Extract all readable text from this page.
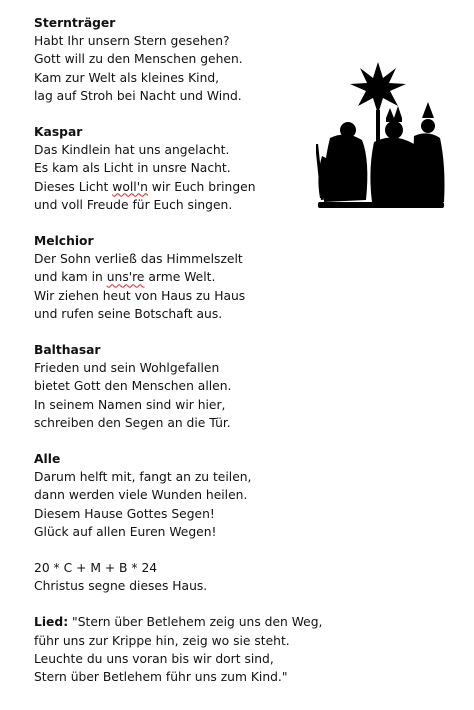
Sternträger
Habt Ihr unsern Stern gesehen?
Gott will zu den Menschen gehen.
Kam zur Welt als kleines Kind,
lag auf Stroh bei Nacht und Wind.
Kaspar
Das Kindlein hat uns angelacht.
Es kam als Licht in unsre Nacht.
Dieses Licht woll'n wir Euch bringen
und voll Freude für Euch singen.
Melchior
Der Sohn verließ das Himmelszelt
und kam in uns're arme Welt.
Wir ziehen heut von Haus zu Haus
und rufen seine Botschaft aus.
Balthasar
Frieden und sein Wohlgefallen
bietet Gott den Menschen allen.
In seinem Namen sind wir hier,
schreiben den Segen an die Tür.
Alle
Darum helft mit, fangt an zu teilen,
dann werden viele Wunden heilen.
Diesem Hause Gottes Segen!
Glück auf allen Euren Wegen!
20 * C + M + B * 24
Christus segne dieses Haus.
Lied: "Stern über Betlehem zeig uns den Weg,
führ uns zur Krippe hin, zeig wo sie steht.
Leuchte du uns voran bis wir dort sind,
Stern über Betlehem führ uns zum Kind."
